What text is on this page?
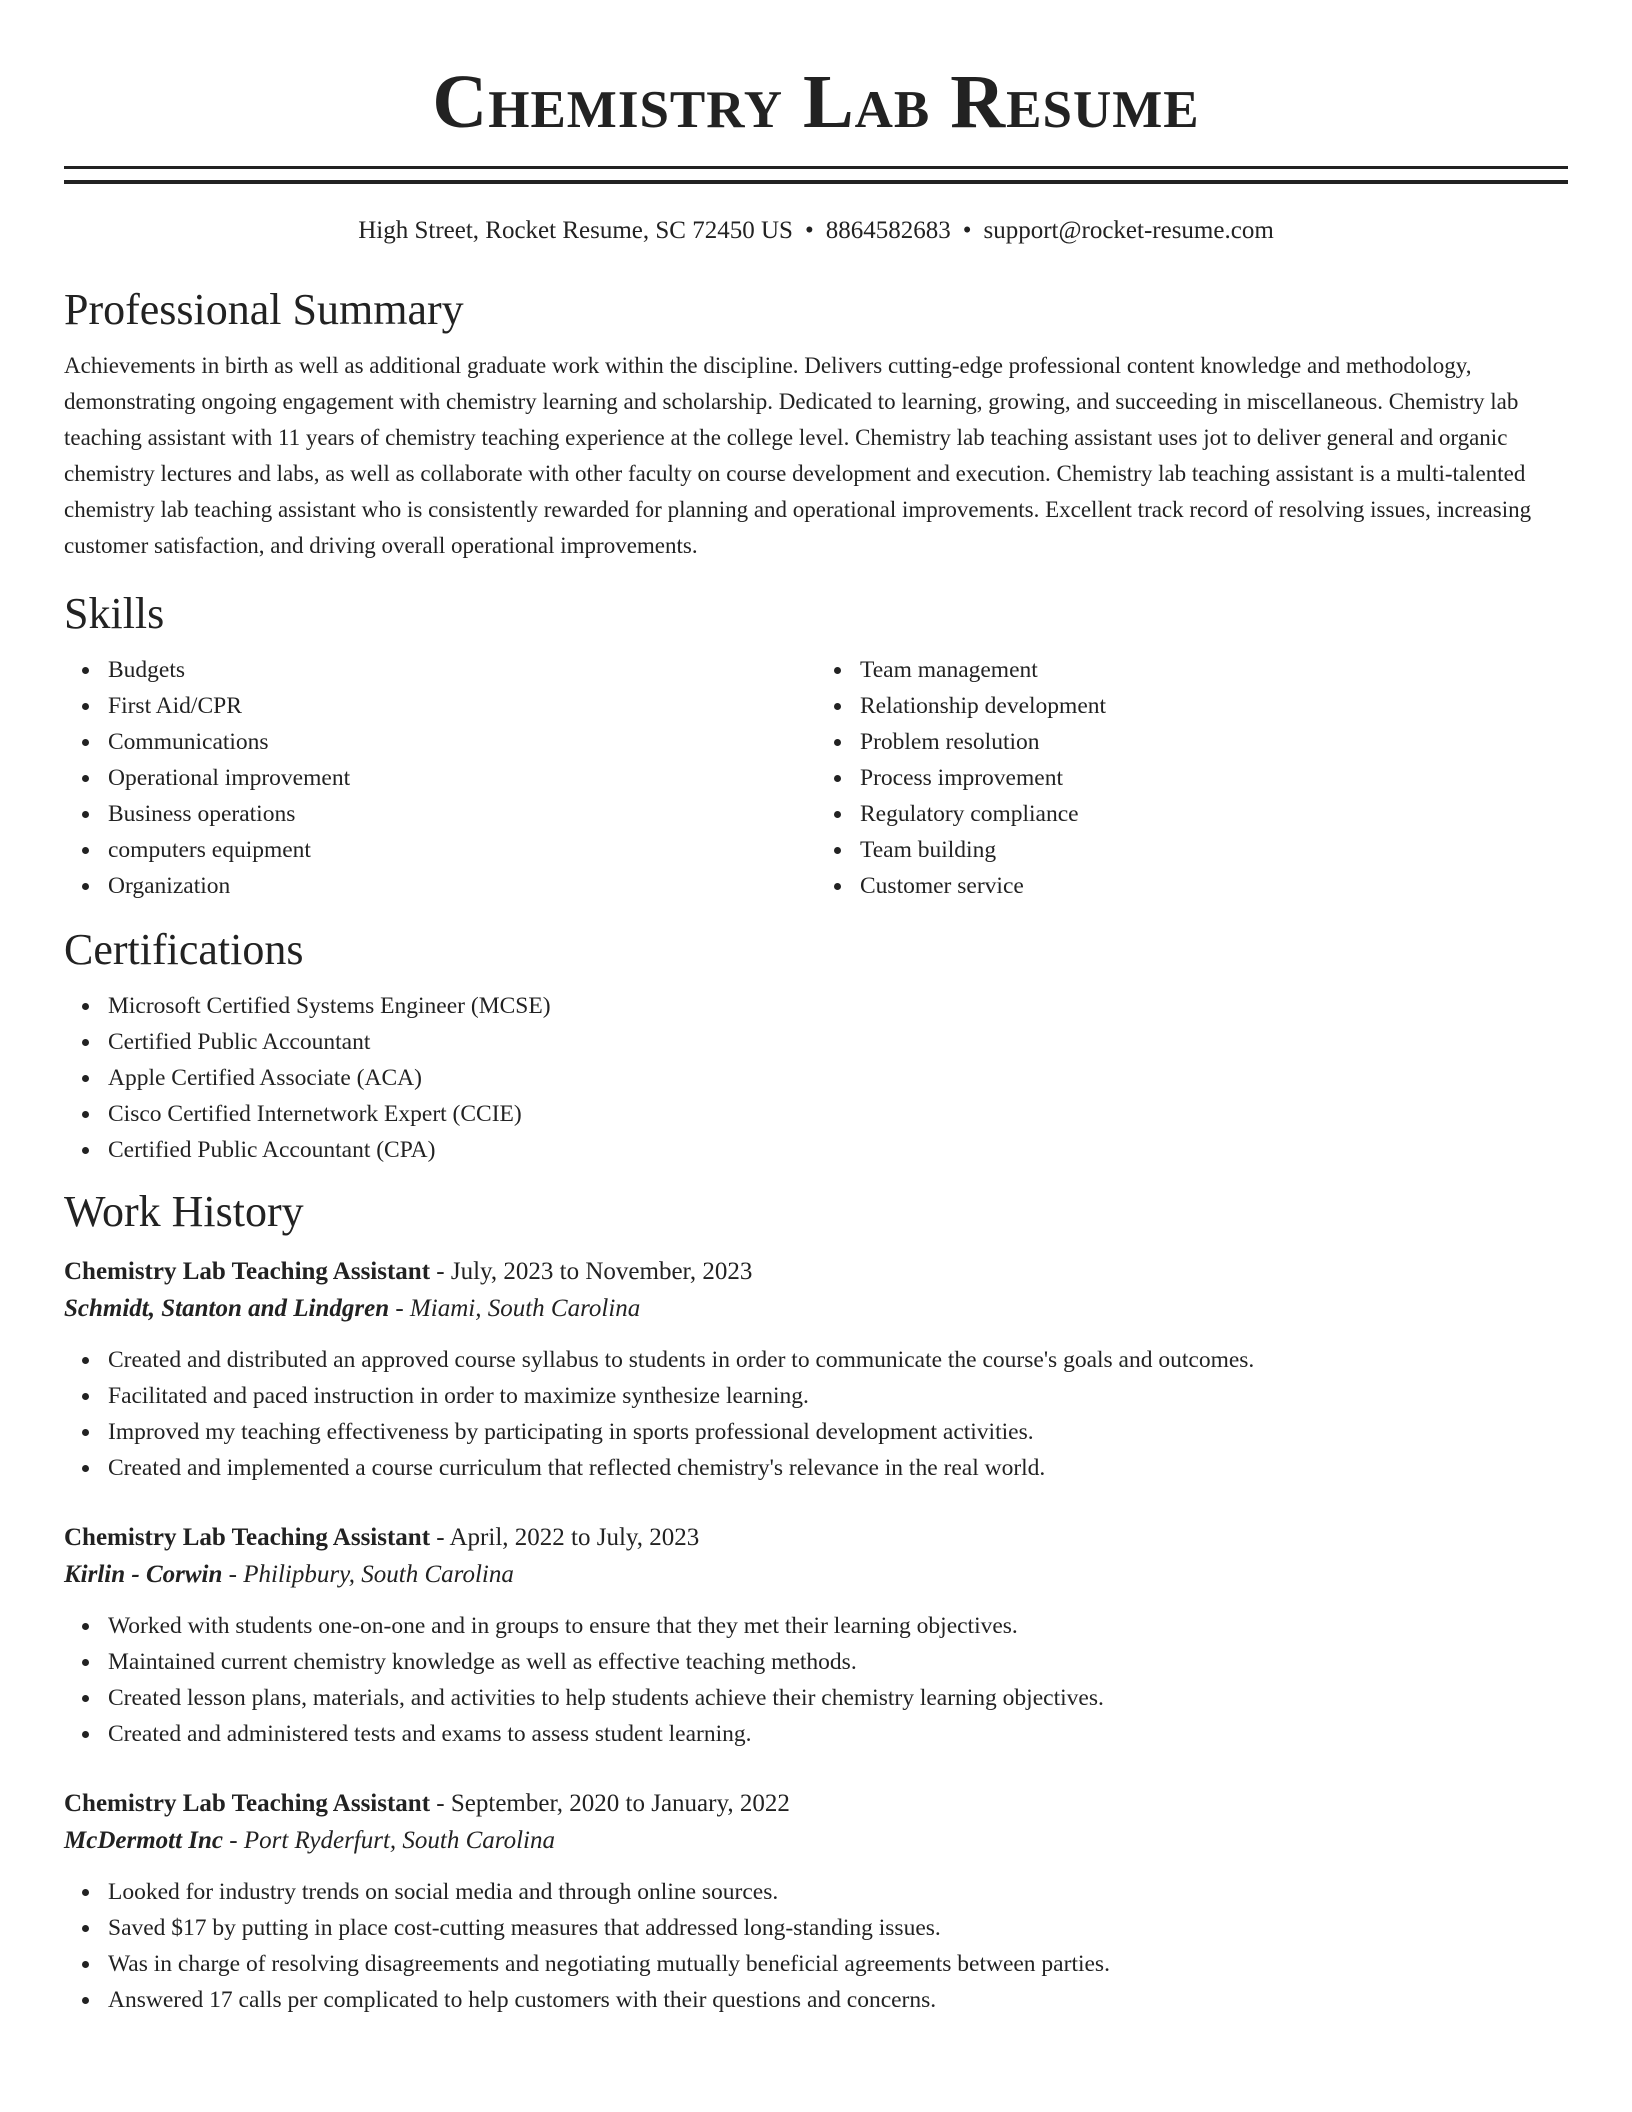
Chemistry Lab Resume
High Street, Rocket Resume, SC 72450 US • 8864582683 • support@rocket-resume.com
Professional Summary

Achievements in birth as well as additional graduate work within the discipline. Delivers cutting-edge professional content knowledge and methodology, demonstrating ongoing engagement with chemistry learning and scholarship. Dedicated to learning, growing, and succeeding in miscellaneous. Chemistry lab teaching assistant with 11 years of chemistry teaching experience at the college level. Chemistry lab teaching assistant uses jot to deliver general and organic chemistry lectures and labs, as well as collaborate with other faculty on course development and execution. Chemistry lab teaching assistant is a multi-talented chemistry lab teaching assistant who is consistently rewarded for planning and operational improvements. Excellent track record of resolving issues, increasing customer satisfaction, and driving overall operational improvements.

Skills
Budgets
First Aid/CPR
Communications
Operational improvement
Business operations
computers equipment
Organization
Team management
Relationship development
Problem resolution
Process improvement
Regulatory compliance
Team building
Customer service
Certifications
Microsoft Certified Systems Engineer (MCSE)
Certified Public Accountant
Apple Certified Associate (ACA)
Cisco Certified Internetwork Expert (CCIE)
Certified Public Accountant (CPA)
Work History
Chemistry Lab Teaching Assistant - July, 2023 to November, 2023
Schmidt, Stanton and Lindgren - Miami, South Carolina
Created and distributed an approved course syllabus to students in order to communicate the course's goals and outcomes.
Facilitated and paced instruction in order to maximize synthesize learning.
Improved my teaching effectiveness by participating in sports professional development activities.
Created and implemented a course curriculum that reflected chemistry's relevance in the real world.
Chemistry Lab Teaching Assistant - April, 2022 to July, 2023
Kirlin - Corwin - Philipbury, South Carolina
Worked with students one-on-one and in groups to ensure that they met their learning objectives.
Maintained current chemistry knowledge as well as effective teaching methods.
Created lesson plans, materials, and activities to help students achieve their chemistry learning objectives.
Created and administered tests and exams to assess student learning.
Chemistry Lab Teaching Assistant - September, 2020 to January, 2022
McDermott Inc - Port Ryderfurt, South Carolina
Looked for industry trends on social media and through online sources.
Saved $17 by putting in place cost-cutting measures that addressed long-standing issues.
Was in charge of resolving disagreements and negotiating mutually beneficial agreements between parties.
Answered 17 calls per complicated to help customers with their questions and concerns.
